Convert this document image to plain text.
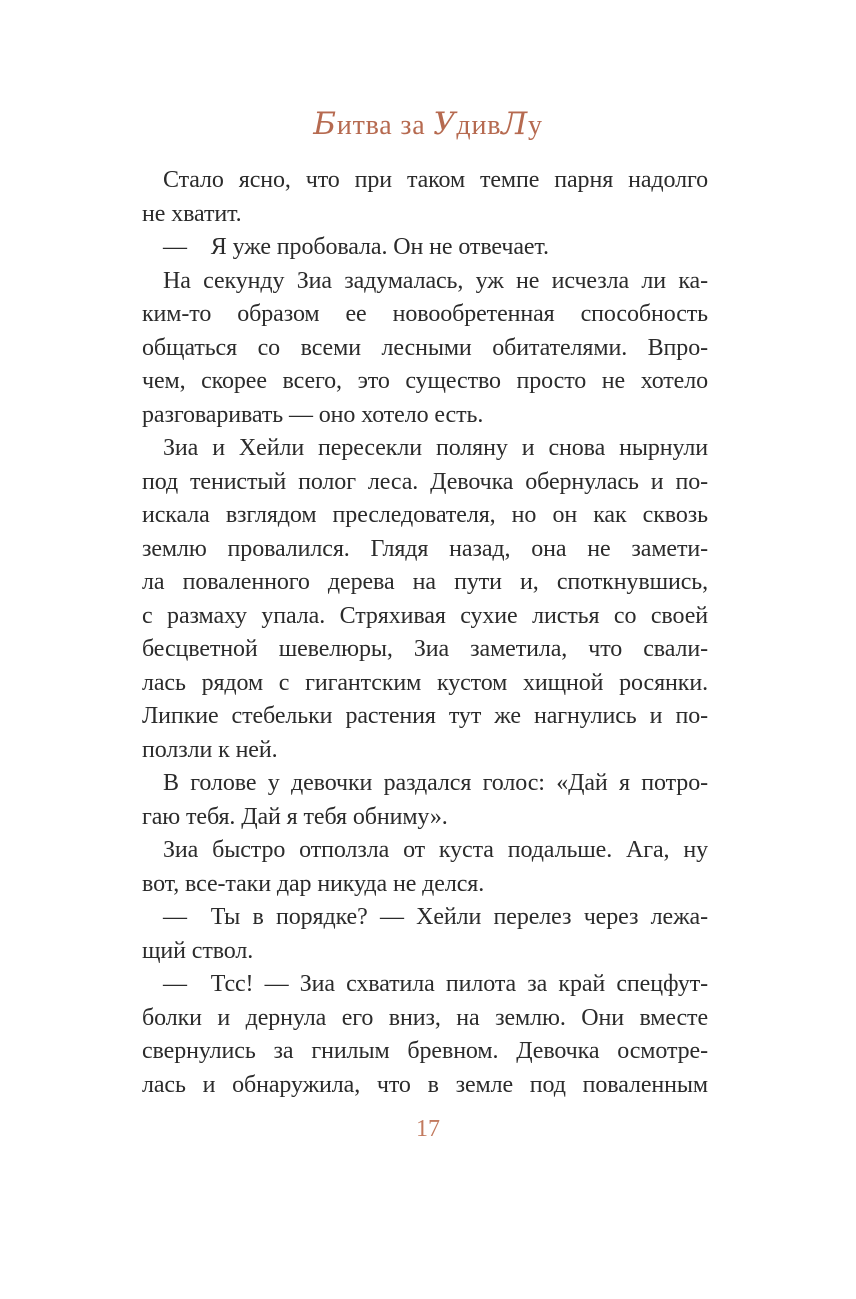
Битва за УдивЛу
Стало ясно, что при таком темпе парня надолго
не хватит.
— Я уже пробовала. Он не отвечает.
На секунду Зиа задумалась, уж не исчезла ли ка-
ким-то образом ее новообретенная способность
общаться со всеми лесными обитателями. Впро-
чем, скорее всего, это существо просто не хотело
разговаривать — оно хотело есть.
Зиа и Хейли пересекли поляну и снова нырнули
под тенистый полог леса. Девочка обернулась и по-
искала взглядом преследователя, но он как сквозь
землю провалился. Глядя назад, она не замети-
ла поваленного дерева на пути и, споткнувшись,
с размаху упала. Стряхивая сухие листья со своей
бесцветной шевелюры, Зиа заметила, что свали-
лась рядом с гигантским кустом хищной росянки.
Липкие стебельки растения тут же нагнулись и по-
ползли к ней.
В голове у девочки раздался голос: «Дай я потро-
гаю тебя. Дай я тебя обниму».
Зиа быстро отползла от куста подальше. Ага, ну
вот, все-таки дар никуда не делся.
— Ты в порядке? — Хейли перелез через лежа-
щий ствол.
— Тсс! — Зиа схватила пилота за край спецфут-
болки и дернула его вниз, на землю. Они вместе
свернулись за гнилым бревном. Девочка осмотре-
лась и обнаружила, что в земле под поваленным
17
